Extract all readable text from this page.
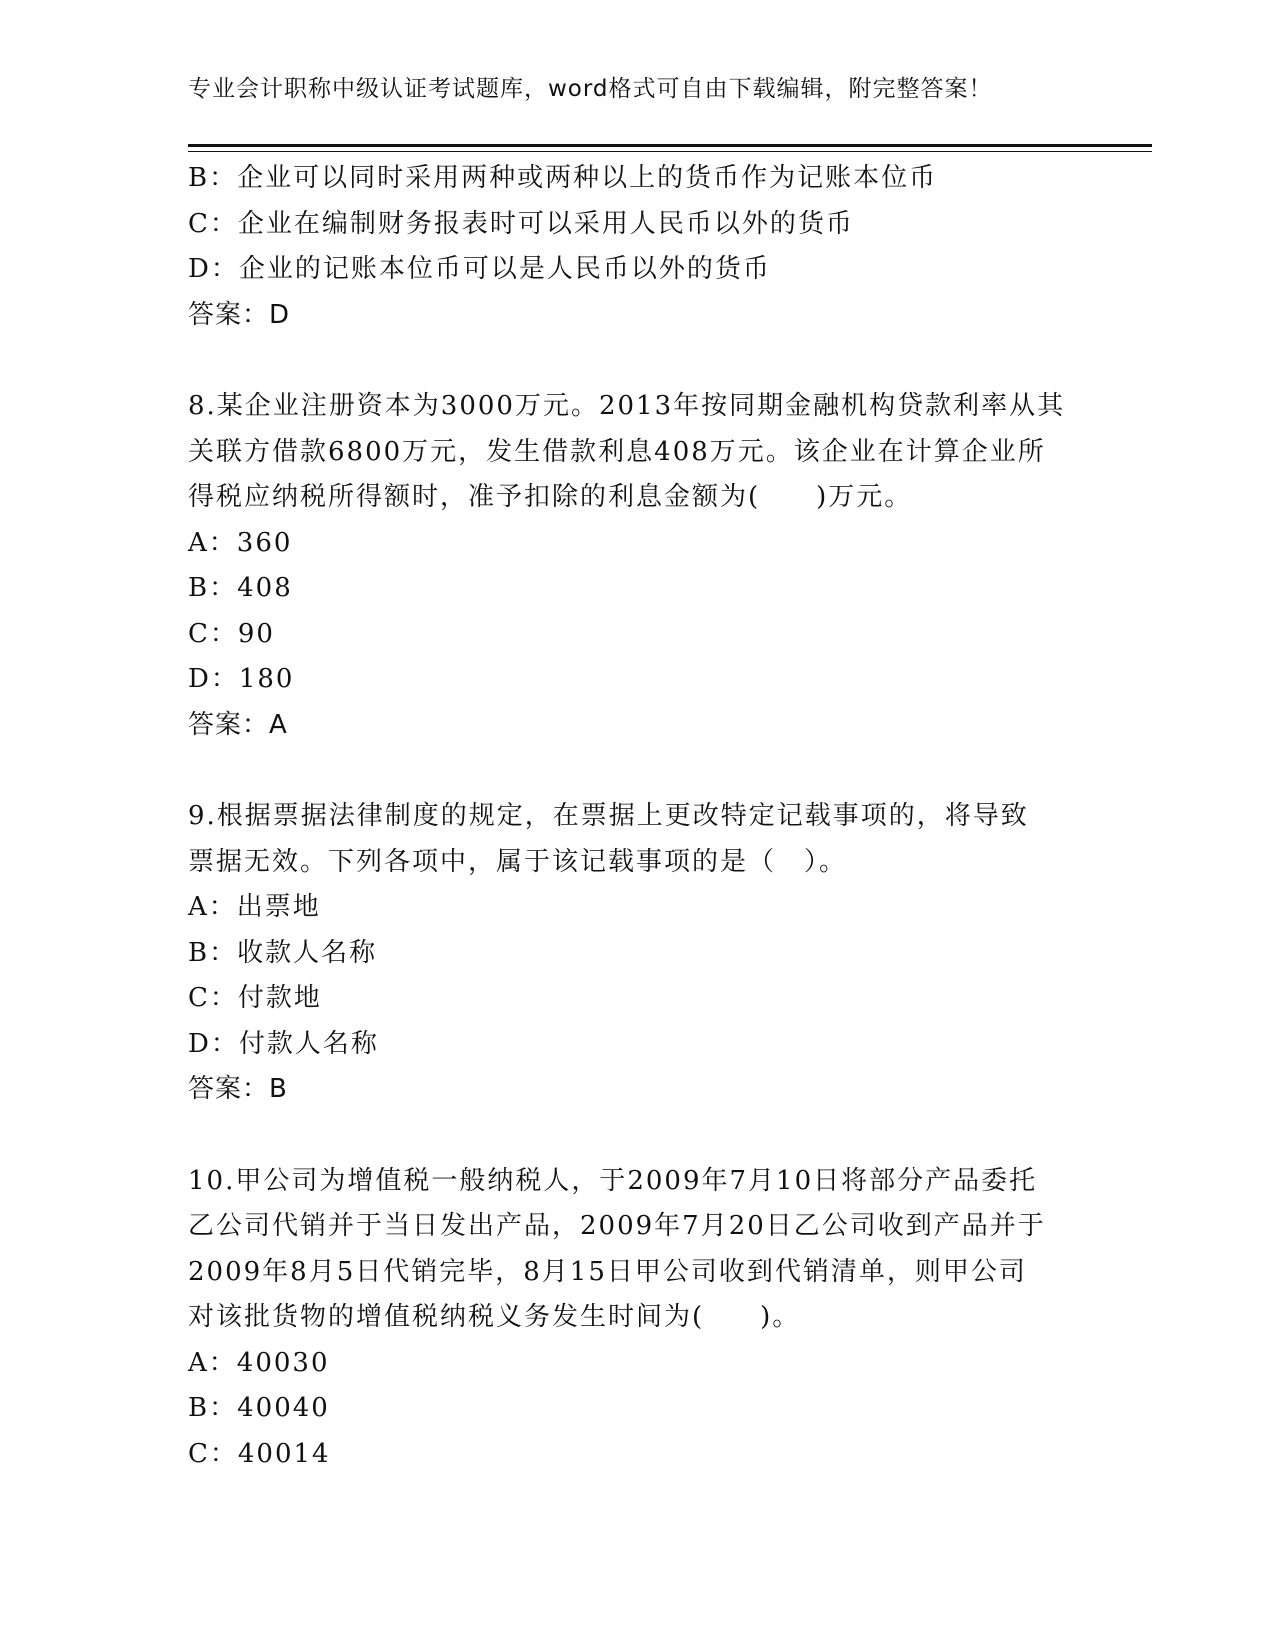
专业会计职称中级认证考试题库，word格式可自由下载编辑，附完整答案！
B：企业可以同时采用两种或两种以上的货币作为记账本位币
C：企业在编制财务报表时可以采用人民币以外的货币
D：企业的记账本位币可以是人民币以外的货币
答案：D
8.某企业注册资本为3000万元。2013年按同期金融机构贷款利率从其
关联方借款6800万元，发生借款利息408万元。该企业在计算企业所
得税应纳税所得额时，准予扣除的利息金额为(　　)万元。
A：360
B：408
C：90
D：180
答案：A
9.根据票据法律制度的规定，在票据上更改特定记载事项的，将导致
票据无效。下列各项中，属于该记载事项的是（　）。
A：出票地
B：收款人名称
C：付款地
D：付款人名称
答案：B
10.甲公司为增值税一般纳税人，于2009年7月10日将部分产品委托
乙公司代销并于当日发出产品，2009年7月20日乙公司收到产品并于
2009年8月5日代销完毕，8月15日甲公司收到代销清单，则甲公司
对该批货物的增值税纳税义务发生时间为(　　)。
A：40030
B：40040
C：40014
